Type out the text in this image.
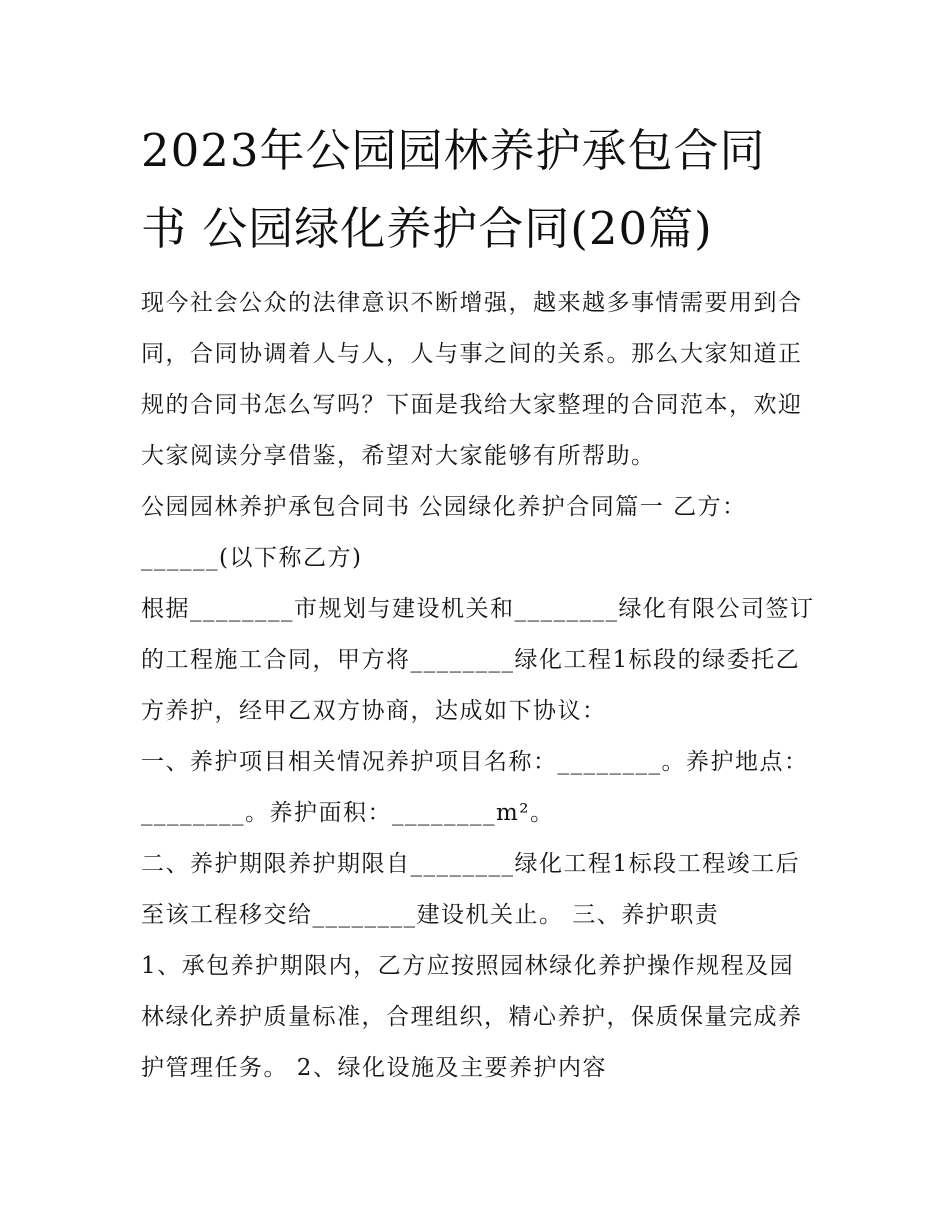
2023年公园园林养护承包合同
书 公园绿化养护合同(20篇)
现今社会公众的法律意识不断增强，越来越多事情需要用到合
同，合同协调着人与人，人与事之间的关系。那么大家知道正
规的合同书怎么写吗？下面是我给大家整理的合同范本，欢迎
大家阅读分享借鉴，希望对大家能够有所帮助。
公园园林养护承包合同书 公园绿化养护合同篇一 乙方：
______(以下称乙方)
根据________市规划与建设机关和________绿化有限公司签订
的工程施工合同，甲方将________绿化工程1标段的绿委托乙
方养护，经甲乙双方协商，达成如下协议：
一、养护项目相关情况养护项目名称：________。养护地点：
________。养护面积：________m²。
二、养护期限养护期限自________绿化工程1标段工程竣工后
至该工程移交给________建设机关止。 三、养护职责
1、承包养护期限内，乙方应按照园林绿化养护操作规程及园
林绿化养护质量标准，合理组织，精心养护，保质保量完成养
护管理任务。 2、绿化设施及主要养护内容
